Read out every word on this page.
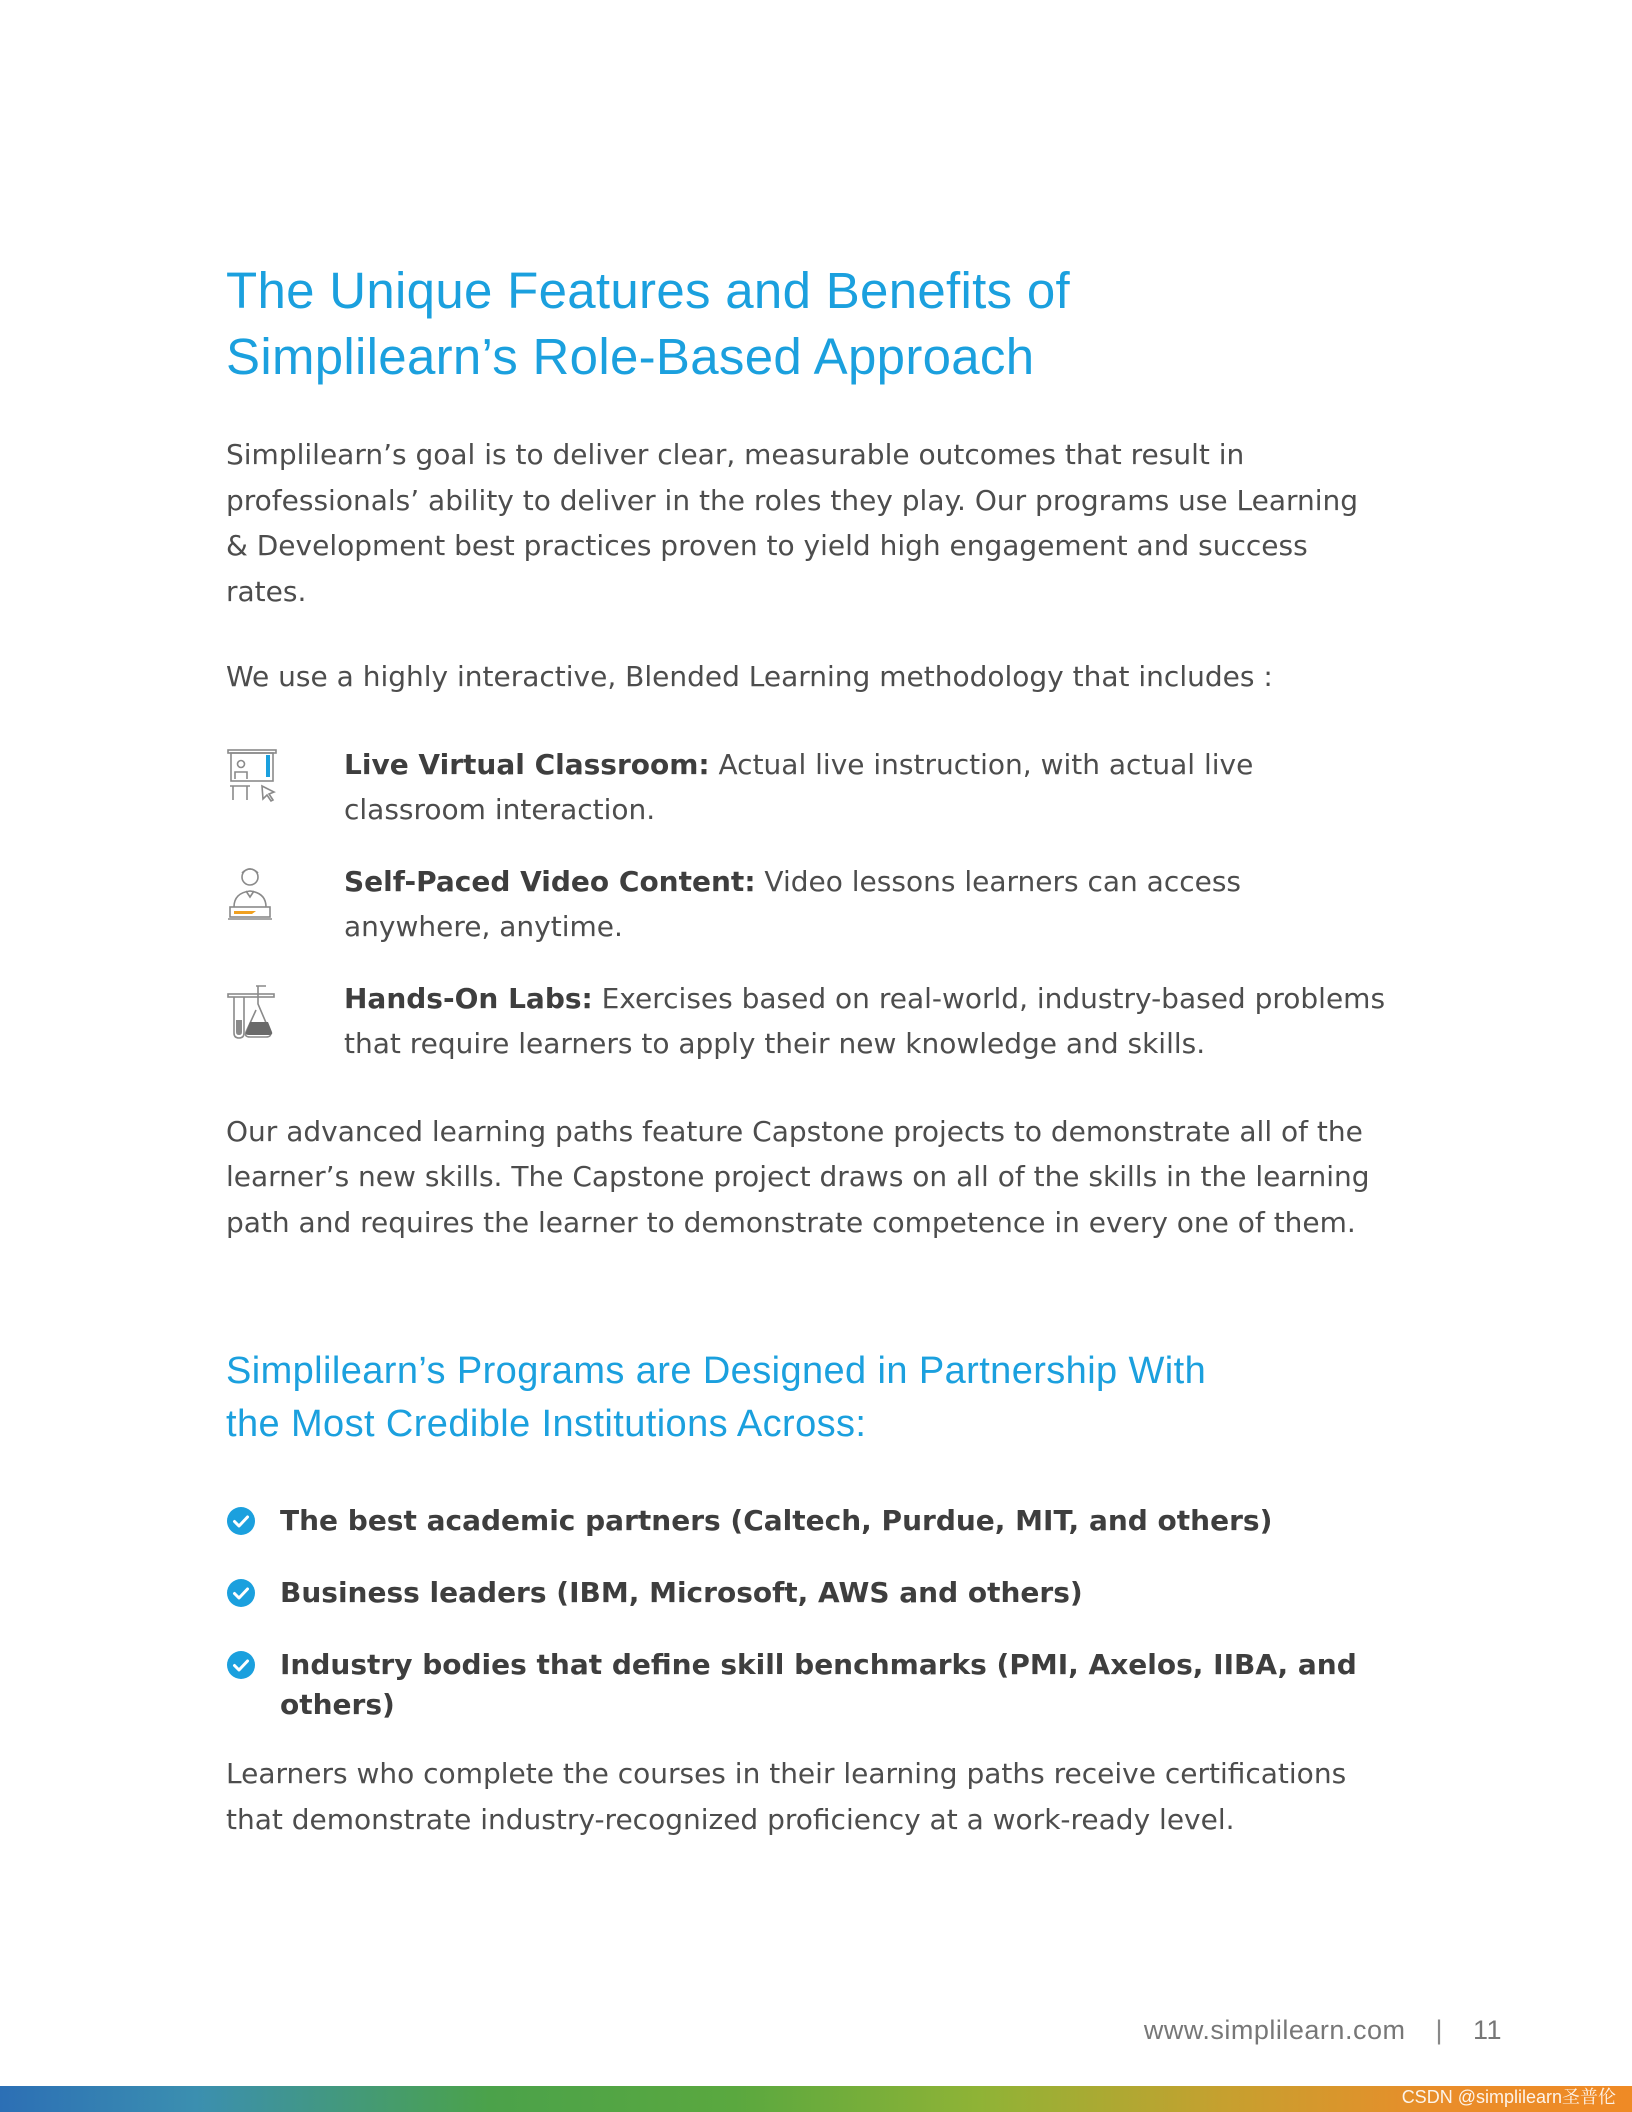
The Unique Features and Benefits of
Simplilearn’s Role-Based Approach

Simplilearn’s goal is to deliver clear, measurable outcomes that result in professionals’ ability to deliver in the roles they play. Our programs use Learning & Development best practices proven to yield high engagement and success rates.

We use a highly interactive, Blended Learning methodology that includes :

Live Virtual Classroom: Actual live instruction, with actual live classroom interaction.

Self-Paced Video Content: Video lessons learners can access anywhere, anytime.

Hands-On Labs: Exercises based on real-world, industry-based problems that require learners to apply their new knowledge and skills.

Our advanced learning paths feature Capstone projects to demonstrate all of the learner’s new skills. The Capstone project draws on all of the skills in the learning path and requires the learner to demonstrate competence in every one of them.

Simplilearn’s Programs are Designed in Partnership With
the Most Credible Institutions Across:
The best academic partners (Caltech, Purdue, MIT, and others)
Business leaders (IBM, Microsoft, AWS and others)
Industry bodies that define skill benchmarks (PMI, Axelos, IIBA, and others)

Learners who complete the courses in their learning paths receive certifications that demonstrate industry-recognized proficiency at a work-ready level.

www.simplilearn.com | 11
CSDN @simplilearn圣普伦
